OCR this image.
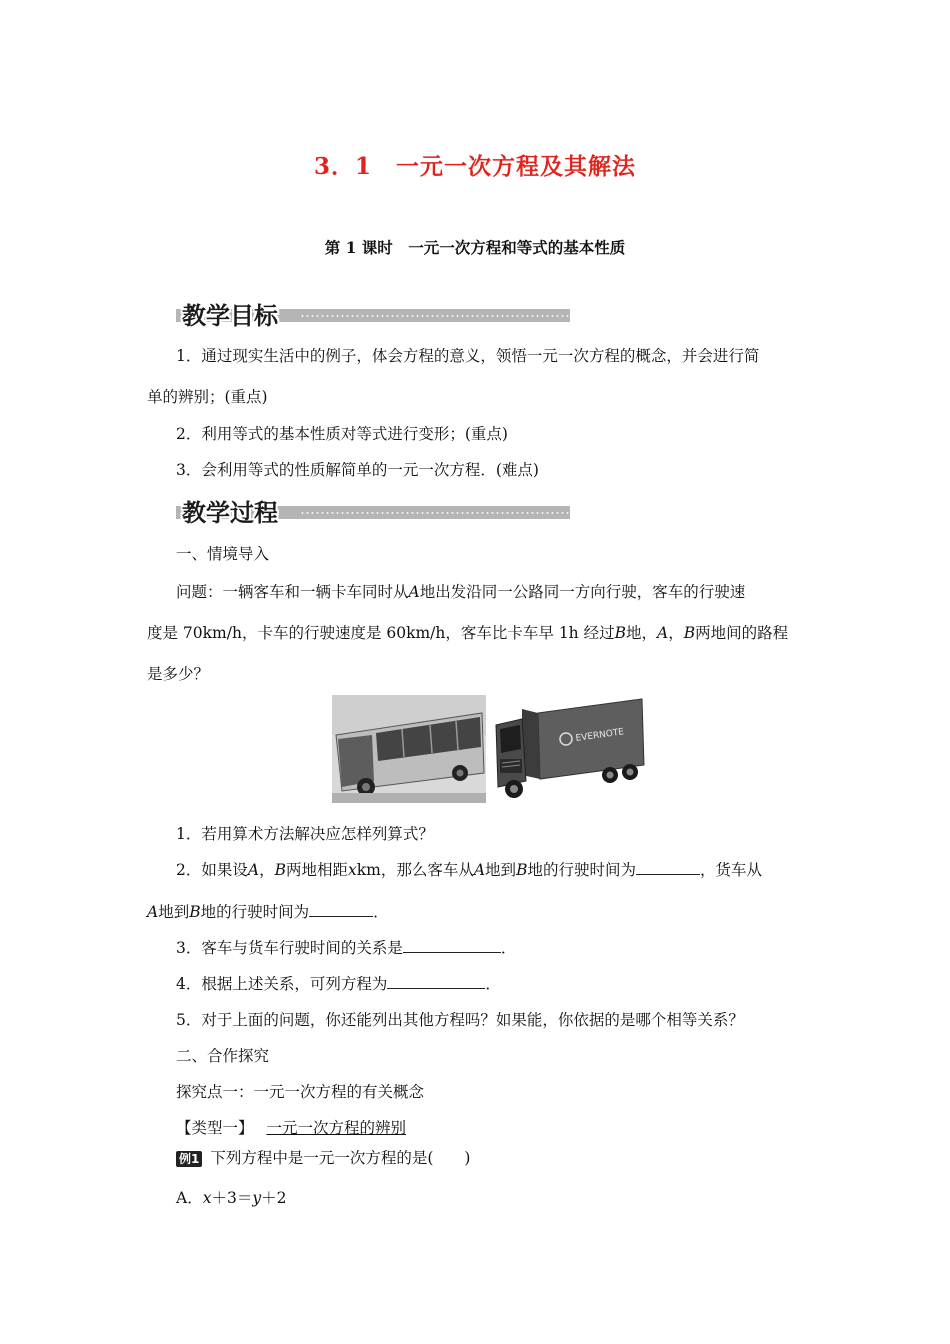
3．1　一元一次方程及其解法
第 1 课时　一元一次方程和等式的基本性质
教学目标
1．通过现实生活中的例子，体会方程的意义，领悟一元一次方程的概念，并会进行简
单的辨别；(重点)
2．利用等式的基本性质对等式进行变形；(重点)
3．会利用等式的性质解简单的一元一次方程．(难点)
教学过程
一、情境导入
问题：一辆客车和一辆卡车同时从A地出发沿同一公路同一方向行驶，客车的行驶速
度是 70km/h，卡车的行驶速度是 60km/h，客车比卡车早 1h 经过B地，A，B两地间的路程
是多少？
EVERNOTE
1．若用算术方法解决应怎样列算式？
2．如果设A，B两地相距xkm，那么客车从A地到B地的行驶时间为	，货车从
A地到B地的行驶时间为	．
3．客车与货车行驶时间的关系是	．
4．根据上述关系，可列方程为	．
5．对于上面的问题，你还能列出其他方程吗？如果能，你依据的是哪个相等关系？
二、合作探究
探究点一：一元一次方程的有关概念
【类型一】 一元一次方程的辨别
例1 下列方程中是一元一次方程的是(　　)
A．x＋3＝y＋2
